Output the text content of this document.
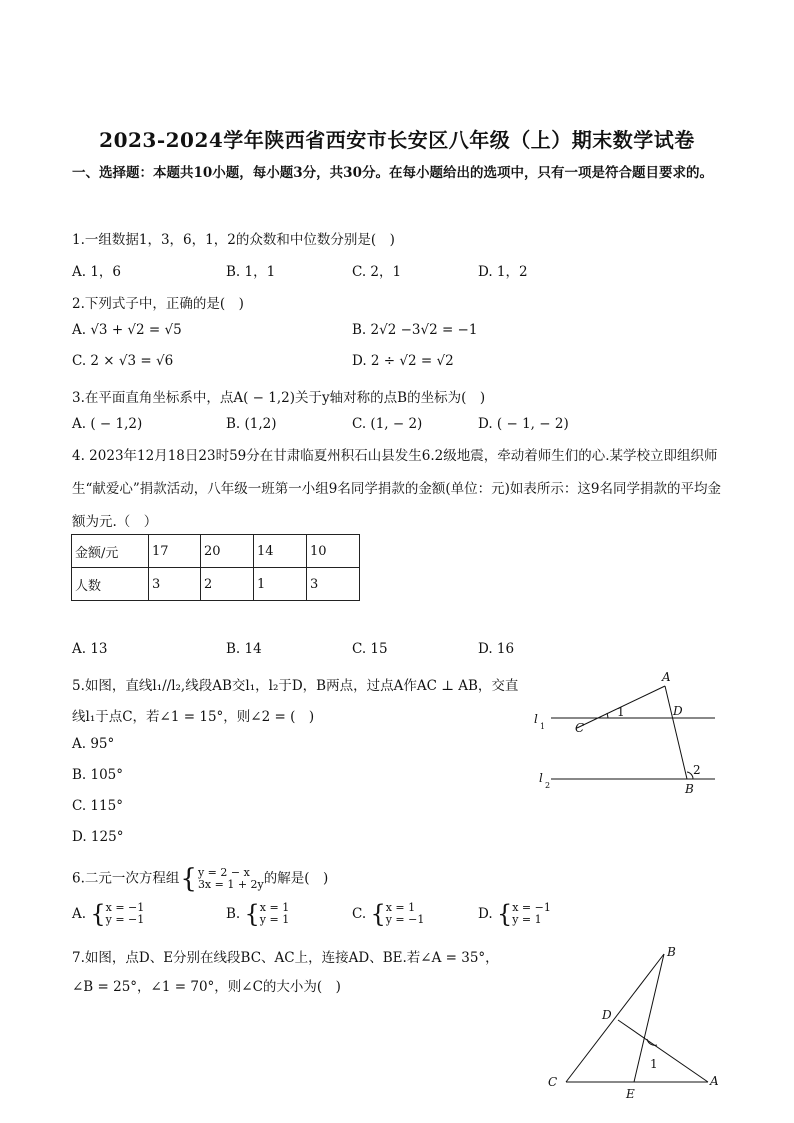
2023-2024学年陕西省西安市长安区八年级（上）期末数学试卷
一、选择题：本题共10小题，每小题3分，共30分。在每小题给出的选项中，只有一项是符合题目要求的。
1.一组数据1，3，6，1，2的众数和中位数分别是(　)
A. 1，6	B. 1，1	C. 2，1	D. 1，2
2.下列式子中，正确的是(　)
A. √3 + √2 = √5	B. 2√2 −3√2 = −1
C. 2 × √3 = √6	D. 2 ÷ √2 = √2
3.在平面直角坐标系中，点A( − 1,2)关于y轴对称的点B的坐标为(　)
A. ( − 1,2)	B. (1,2)	C. (1, − 2)	D. ( − 1, − 2)
4. 2023年12月18日23时59分在甘肃临夏州积石山县发生6.2级地震，牵动着师生们的心.某学校立即组织师生“献爱心”捐款活动，八年级一班第一小组9名同学捐款的金额(单位：元)如表所示：这9名同学捐款的平均金额为元.（　）
金额/元	17	20	14	10
人数	3	2	1	3
A. 13	B. 14	C. 15	D. 16
5.如图，直线l₁//l₂,线段AB交l₁，l₂于D，B两点，过点A作AC ⊥ AB，交直
线l₁于点C，若∠1 = 15°，则∠2 = (　)
A. 95°
B. 105°
C. 115°
D. 125°
A
C
D
B
1
2
l
1
l
2
6.二元一次方程组{ y = 2 − x
3x = 1 + 2y 的解是(　)
A. { x = −1
y = −1	B. { x = 1
y = 1	C. { x = 1
y = −1	D. { x = −1
y = 1
7.如图，点D、E分别在线段BC、AC上，连接AD、BE.若∠A = 35°，
∠B = 25°，∠1 = 70°，则∠C的大小为(　)
B
D
C
E
A
1
